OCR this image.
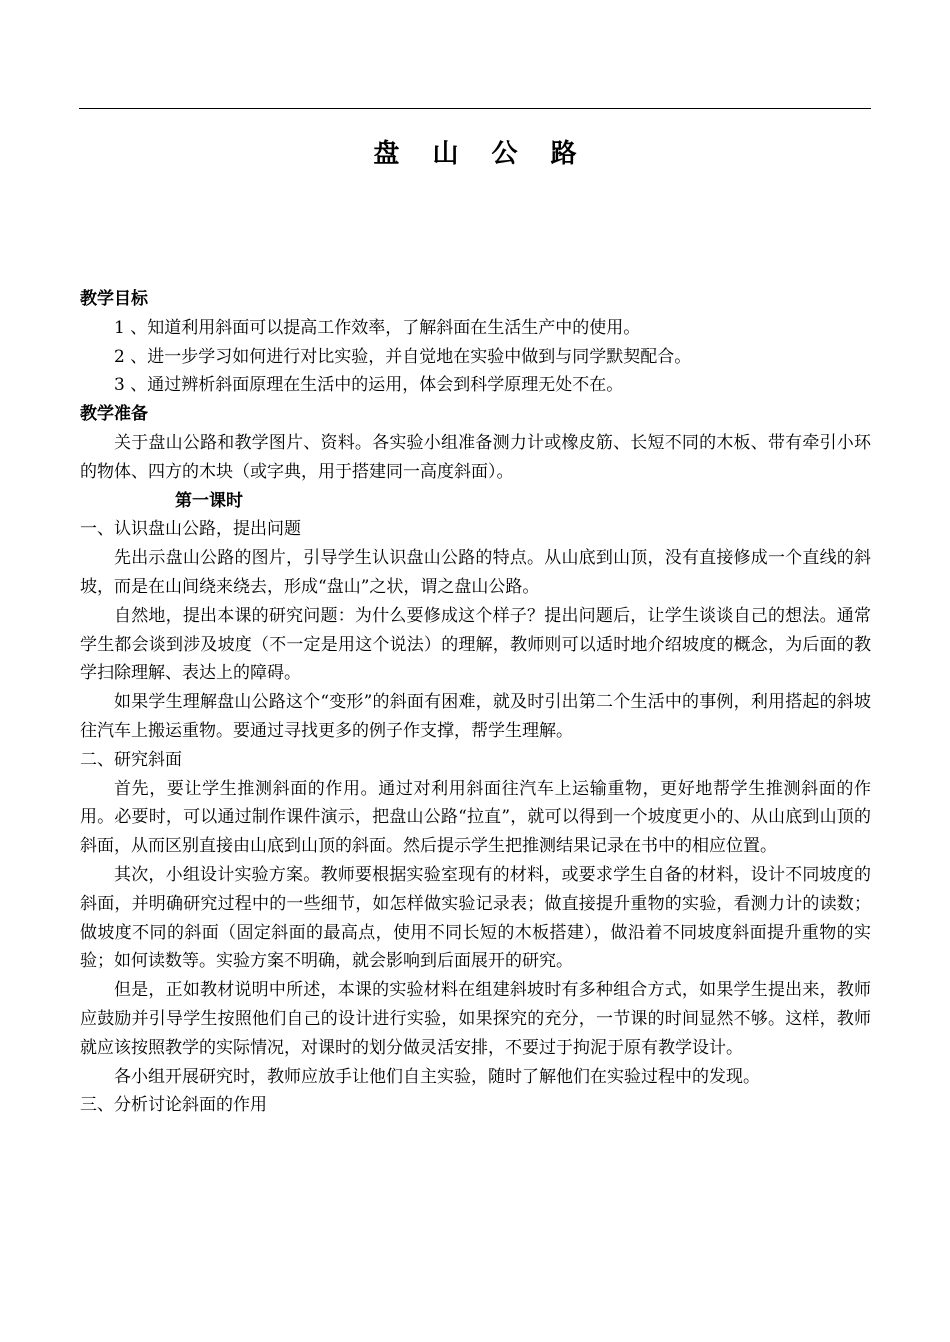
盘 山 公 路
教学目标

1 、知道利用斜面可以提高工作效率，了解斜面在生活生产中的使用。

2 、进一步学习如何进行对比实验，并自觉地在实验中做到与同学默契配合。

3 、通过辨析斜面原理在生活中的运用，体会到科学原理无处不在。

教学准备

关于盘山公路和教学图片、资料。各实验小组准备测力计或橡皮筋、长短不同的木板、带有牵引小环的物体、四方的木块（或字典，用于搭建同一高度斜面）。

第一课时

一、认识盘山公路，提出问题

先出示盘山公路的图片，引导学生认识盘山公路的特点。从山底到山顶，没有直接修成一个直线的斜坡，而是在山间绕来绕去，形成“盘山”之状，谓之盘山公路。

自然地，提出本课的研究问题：为什么要修成这个样子？提出问题后，让学生谈谈自己的想法。通常学生都会谈到涉及坡度（不一定是用这个说法）的理解，教师则可以适时地介绍坡度的概念，为后面的教学扫除理解、表达上的障碍。

如果学生理解盘山公路这个“变形”的斜面有困难，就及时引出第二个生活中的事例，利用搭起的斜坡往汽车上搬运重物。要通过寻找更多的例子作支撑，帮学生理解。

二、研究斜面

首先，要让学生推测斜面的作用。通过对利用斜面往汽车上运输重物，更好地帮学生推测斜面的作用。必要时，可以通过制作课件演示，把盘山公路“拉直”，就可以得到一个坡度更小的、从山底到山顶的斜面，从而区别直接由山底到山顶的斜面。然后提示学生把推测结果记录在书中的相应位置。

其次，小组设计实验方案。教师要根据实验室现有的材料，或要求学生自备的材料，设计不同坡度的斜面，并明确研究过程中的一些细节，如怎样做实验记录表；做直接提升重物的实验，看测力计的读数；做坡度不同的斜面（固定斜面的最高点，使用不同长短的木板搭建），做沿着不同坡度斜面提升重物的实验；如何读数等。实验方案不明确，就会影响到后面展开的研究。

但是，正如教材说明中所述，本课的实验材料在组建斜坡时有多种组合方式，如果学生提出来，教师应鼓励并引导学生按照他们自己的设计进行实验，如果探究的充分，一节课的时间显然不够。这样，教师就应该按照教学的实际情况，对课时的划分做灵活安排，不要过于拘泥于原有教学设计。

各小组开展研究时，教师应放手让他们自主实验，随时了解他们在实验过程中的发现。

三、分析讨论斜面的作用
